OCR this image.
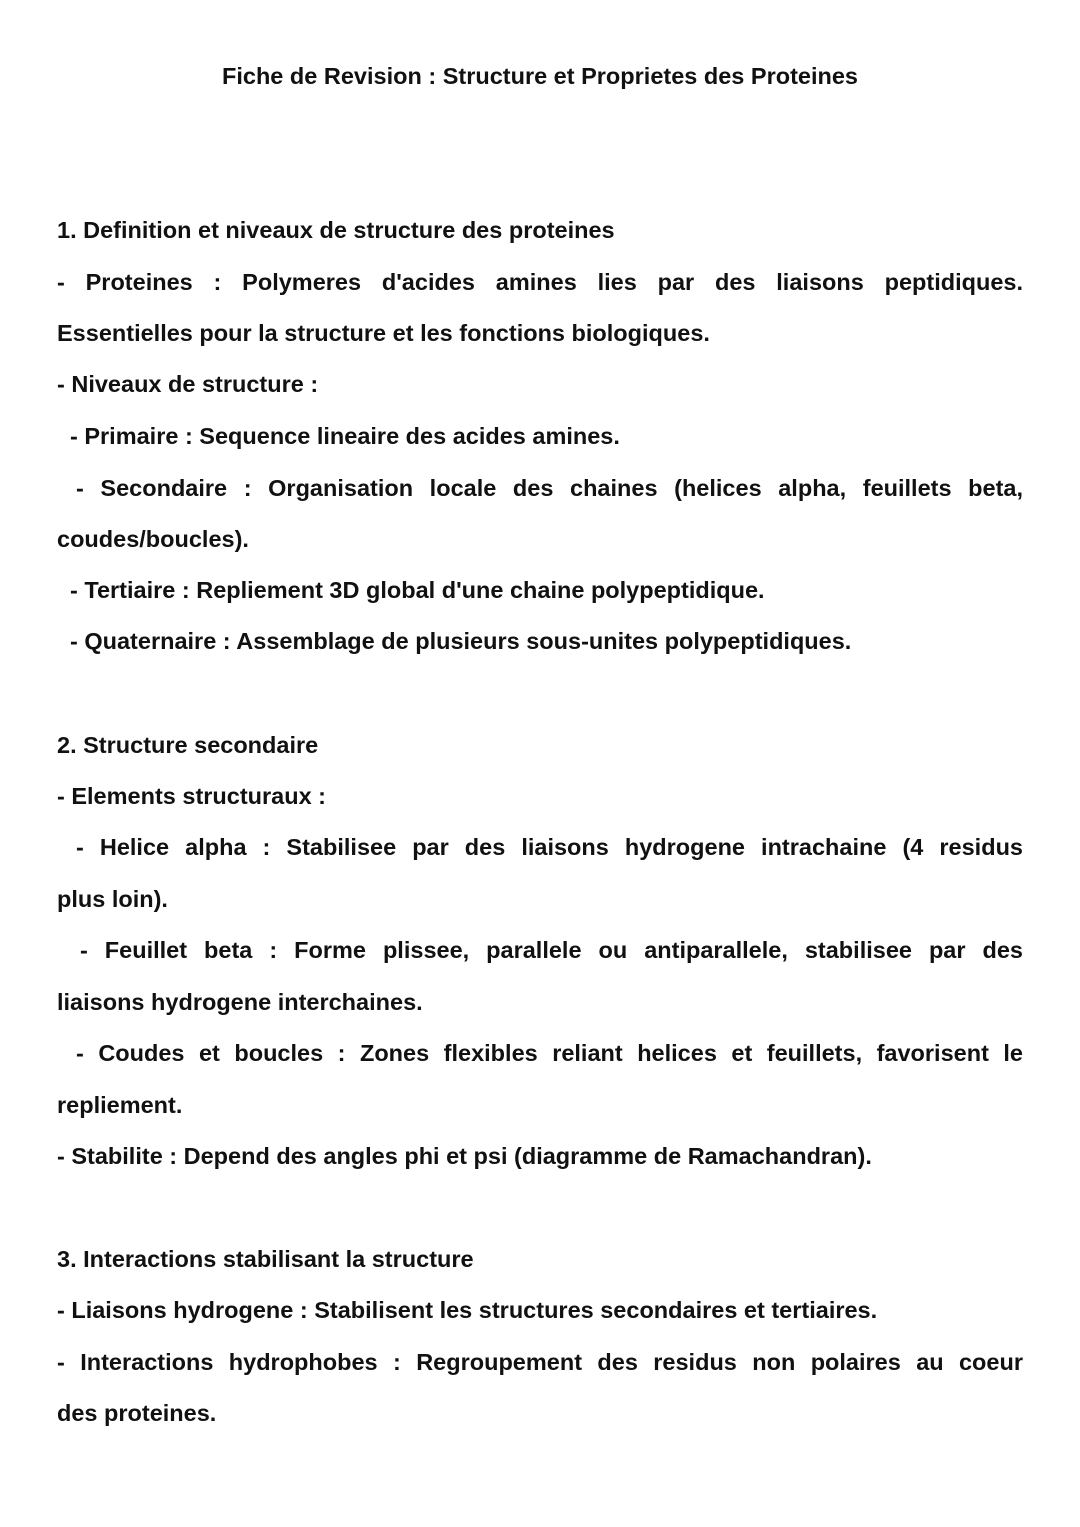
Fiche de Revision : Structure et Proprietes des Proteines

1. Definition et niveaux de structure des proteines

- Proteines : Polymeres d'acides amines lies par des liaisons peptidiques.

Essentielles pour la structure et les fonctions biologiques.

- Niveaux de structure :

- Primaire : Sequence lineaire des acides amines.

- Secondaire : Organisation locale des chaines (helices alpha, feuillets beta,

coudes/boucles).

- Tertiaire : Repliement 3D global d'une chaine polypeptidique.

- Quaternaire : Assemblage de plusieurs sous-unites polypeptidiques.

2. Structure secondaire

- Elements structuraux :

- Helice alpha : Stabilisee par des liaisons hydrogene intrachaine (4 residus

plus loin).

- Feuillet beta : Forme plissee, parallele ou antiparallele, stabilisee par des

liaisons hydrogene interchaines.

- Coudes et boucles : Zones flexibles reliant helices et feuillets, favorisent le

repliement.

- Stabilite : Depend des angles phi et psi (diagramme de Ramachandran).

3. Interactions stabilisant la structure

- Liaisons hydrogene : Stabilisent les structures secondaires et tertiaires.

- Interactions hydrophobes : Regroupement des residus non polaires au coeur

des proteines.
